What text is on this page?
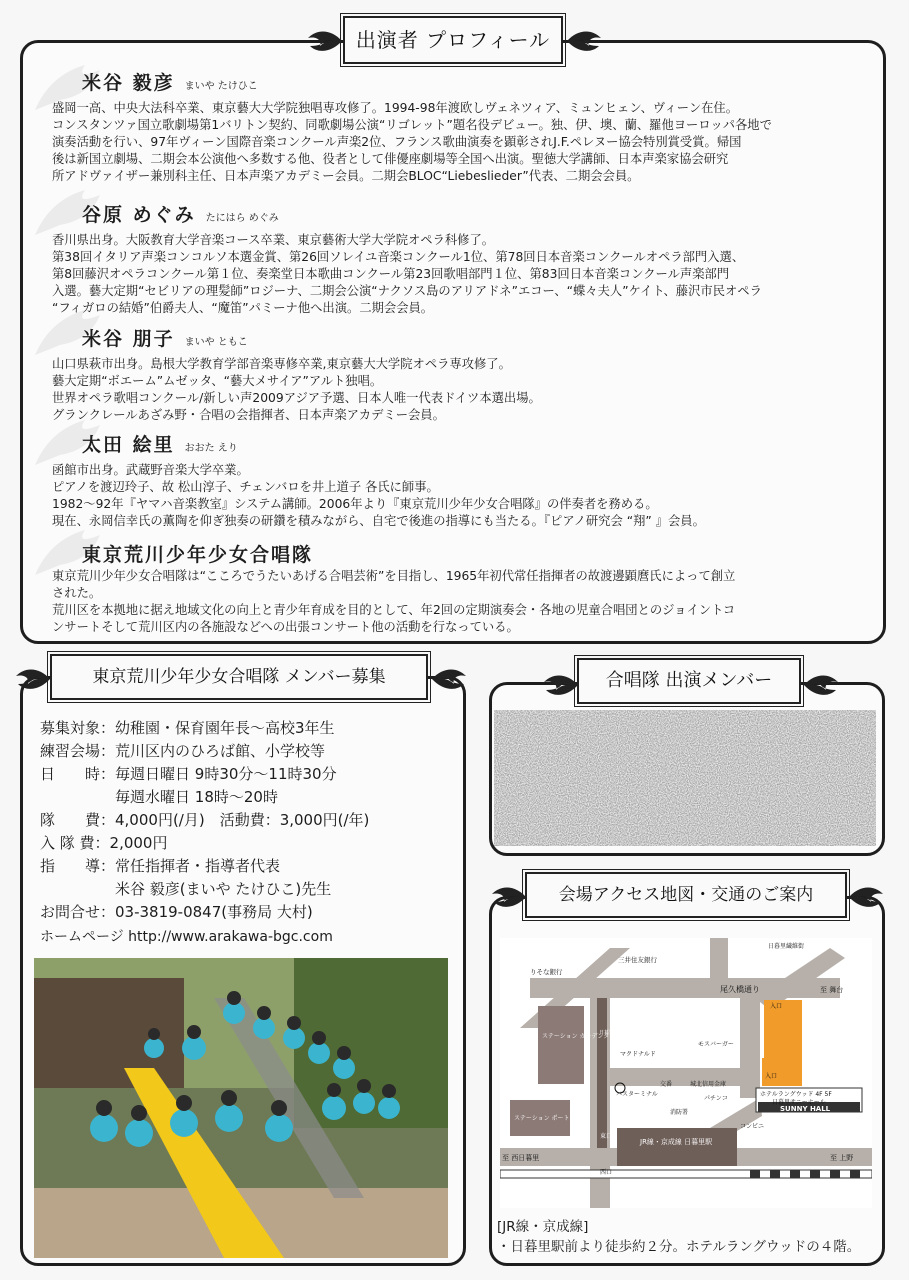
出演者 プロフィール
米谷 毅彦 まいや たけひこ
盛岡一高、中央大法科卒業、東京藝大大学院独唱専攻修了。1994-98年渡欧しヴェネツィア、ミュンヒェン、ヴィーン在住。
コンスタンツァ国立歌劇場第1バリトン契約、同歌劇場公演“リゴレット”題名役デビュー。独、伊、墺、蘭、羅他ヨーロッパ各地で
演奏活動を行い、97年ヴィーン国際音楽コンクール声楽2位、フランス歌曲演奏を顕彰されJ.F.ペレヌー協会特別賞受賞。帰国
後は新国立劇場、二期会本公演他へ多数する他、役者として俳優座劇場等全国へ出演。聖徳大学講師、日本声楽家協会研究
所アドヴァイザー兼別科主任、日本声楽アカデミー会員。二期会BLOC“Liebeslieder”代表、二期会会員。
谷原 めぐみ たにはら めぐみ
香川県出身。大阪教育大学音楽コース卒業、東京藝術大学大学院オペラ科修了。
第38回イタリア声楽コンコルソ本選金賞、第26回ソレイユ音楽コンクール1位、第78回日本音楽コンクールオペラ部門入選、
第8回藤沢オペラコンクール第１位、奏楽堂日本歌曲コンクール第23回歌唱部門１位、第83回日本音楽コンクール声楽部門
入選。藝大定期“セビリアの理髪師”ロジーナ、二期会公演“ナクソス島のアリアドネ”エコー、“蝶々夫人”ケイト、藤沢市民オペラ
“フィガロの結婚”伯爵夫人、“魔笛”パミーナ他へ出演。二期会会員。
米谷 朋子 まいや ともこ
山口県萩市出身。島根大学教育学部音楽専修卒業,東京藝大大学院オペラ専攻修了。
藝大定期“ボエーム”ムゼッタ、“藝大メサイア”アルト独唱。
世界オペラ歌唱コンクール/新しい声2009アジア予選、日本人唯一代表ドイツ本選出場。
グランクレールあざみ野・合唱の会指揮者、日本声楽アカデミー会員。
太田 絵里 おおた えり
函館市出身。武蔵野音楽大学卒業。
ピアノを渡辺玲子、故 松山淳子、チェンバロを井上道子 各氏に師事。
1982〜92年『ヤマハ音楽教室』システム講師。2006年より『東京荒川少年少女合唱隊』の伴奏者を務める。
現在、永岡信幸氏の薫陶を仰ぎ独奏の研鑽を積みながら、自宅で後進の指導にも当たる。『ピアノ研究会 “翔” 』会員。
東京荒川少年少女合唱隊
東京荒川少年少女合唱隊は“こころでうたいあげる合唱芸術”を目指し、1965年初代常任指揮者の故渡邊顕麿氏によって創立
された。
荒川区を本拠地に据え地域文化の向上と青少年育成を目的として、年2回の定期演奏会・各地の児童合唱団とのジョイントコ
ンサートそして荒川区内の各施設などへの出張コンサート他の活動を行なっている。
東京荒川少年少女合唱隊 メンバー募集
募集対象：幼稚園・保育園年長〜高校3年生
練習会場：荒川区内のひろば館、小学校等
日　　時：毎週日曜日 9時30分〜11時30分
　　　　　毎週水曜日 18時〜20時
隊　　費：4,000円(/月)　活動費：3,000円(/年)
入 隊 費：2,000円
指　　導：常任指揮者・指導者代表
　　　　　米谷 毅彦(まいや たけひこ)先生
お問合せ：03-3819-0847(事務局 大村)
ホームページ http://www.arakawa-bgc.com
合唱隊 出演メンバー
会場アクセス地図・交通のご案内
尾久橋通り	至 舞台
至 西日暮里	至 上野
りそな銀行
三井住友銀行
日暮里繊維街
ステーション ガーデンタワー
ステーション ポートタワー
マクドナルド
モスバーガー
城北信用金庫
パチンコ
バスターミナル
交番
消防署
コンビニ
JR線・京成線 日暮里駅
日暮里・舎人ライナー 日暮里駅
ホテルラングウッド 4F 5F
日暮里サニーホール
SUNNY HALL
入口
東口
西口
入口
[JR線・京成線]
・日暮里駅前より徒歩約２分。ホテルラングウッドの４階。
